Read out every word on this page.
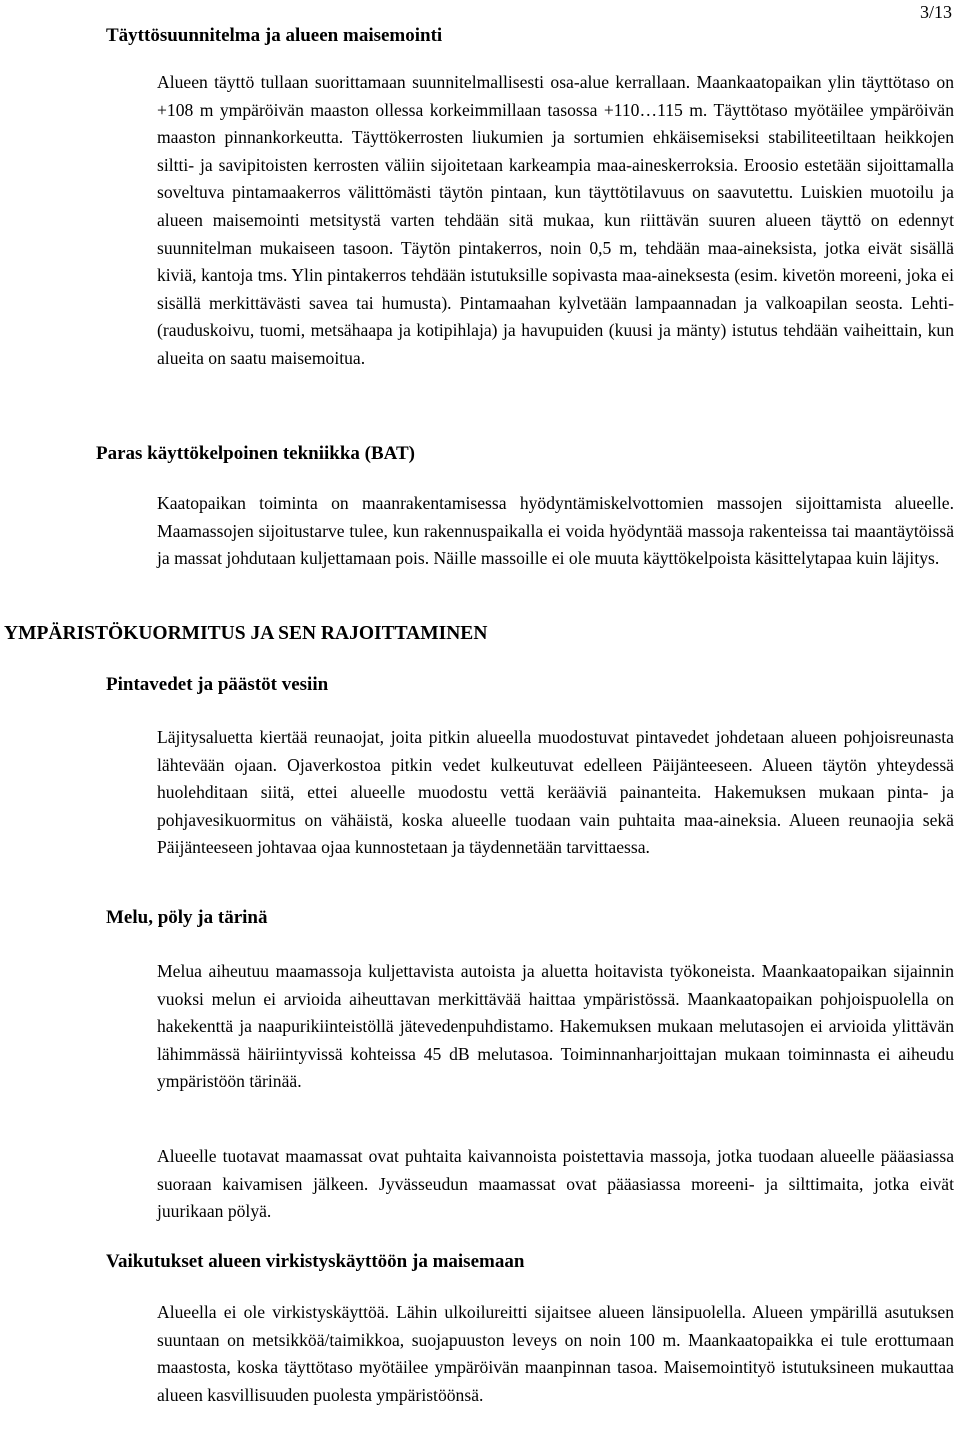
3/13
Täyttösuunnitelma ja alueen maisemointi
Alueen täyttö tullaan suorittamaan suunnitelmallisesti osa-alue kerrallaan. Maankaatopaikan ylin täyttötaso on +108 m ympäröivän maaston ollessa korkeimmillaan tasossa +110…115 m. Täyttötaso myötäilee ympäröivän maaston pinnankorkeutta. Täyttökerrosten liukumien ja sortumien ehkäisemiseksi stabiliteetiltaan heikkojen siltti- ja savipitoisten kerrosten väliin sijoitetaan karkeampia maa-aineskerroksia. Eroosio estetään sijoittamalla soveltuva pintamaakerros välittömästi täytön pintaan, kun täyttötilavuus on saavutettu. Luiskien muotoilu ja alueen maisemointi metsitystä varten tehdään sitä mukaa, kun riittävän suuren alueen täyttö on edennyt suunnitelman mukaiseen tasoon. Täytön pintakerros, noin 0,5 m, tehdään maa-aineksista, jotka eivät sisällä kiviä, kantoja tms. Ylin pintakerros tehdään istutuksille sopivasta maa-aineksesta (esim. kivetön moreeni, joka ei sisällä merkittävästi savea tai humusta). Pintamaahan kylvetään lampaannadan ja valkoapilan seosta. Lehti- (rauduskoivu, tuomi, metsähaapa ja kotipihlaja) ja havupuiden (kuusi ja mänty) istutus tehdään vaiheittain, kun alueita on saatu maisemoitua.
Paras käyttökelpoinen tekniikka (BAT)
Kaatopaikan toiminta on maanrakentamisessa hyödyntämiskelvottomien massojen sijoittamista alueelle. Maamassojen sijoitustarve tulee, kun rakennuspaikalla ei voida hyödyntää massoja rakenteissa tai maantäytöissä ja massat johdutaan kuljettamaan pois. Näille massoille ei ole muuta käyttökelpoista käsittelytapaa kuin läjitys.
YMPÄRISTÖKUORMITUS JA SEN RAJOITTAMINEN
Pintavedet ja päästöt vesiin
Läjitysaluetta kiertää reunaojat, joita pitkin alueella muodostuvat pintavedet johdetaan alueen pohjoisreunasta lähtevään ojaan. Ojaverkostoa pitkin vedet kulkeutuvat edelleen Päijänteeseen. Alueen täytön yhteydessä huolehditaan siitä, ettei alueelle muodostu vettä kerääviä painanteita. Hakemuksen mukaan pinta- ja pohjavesikuormitus on vähäistä, koska alueelle tuodaan vain puhtaita maa-aineksia. Alueen reunaojia sekä Päijänteeseen johtavaa ojaa kunnostetaan ja täydennetään tarvittaessa.
Melu, pöly ja tärinä
Melua aiheutuu maamassoja kuljettavista autoista ja aluetta hoitavista työkoneista. Maankaatopaikan sijainnin vuoksi melun ei arvioida aiheuttavan merkittävää haittaa ympäristössä. Maankaatopaikan pohjoispuolella on hakekenttä ja naapurikiinteistöllä jätevedenpuhdistamo. Hakemuksen mukaan melutasojen ei arvioida ylittävän lähimmässä häiriintyvissä kohteissa 45 dB melutasoa. Toiminnanharjoittajan mukaan toiminnasta ei aiheudu ympäristöön tärinää.
Alueelle tuotavat maamassat ovat puhtaita kaivannoista poistettavia massoja, jotka tuodaan alueelle pääasiassa suoraan kaivamisen jälkeen. Jyvässeudun maamassat ovat pääasiassa moreeni- ja silttimaita, jotka eivät juurikaan pölyä.
Vaikutukset alueen virkistyskäyttöön ja maisemaan
Alueella ei ole virkistyskäyttöä. Lähin ulkoilureitti sijaitsee alueen länsipuolella. Alueen ympärillä asutuksen suuntaan on metsikköä/taimikkoa, suojapuuston leveys on noin 100 m. Maankaatopaikka ei tule erottumaan maastosta, koska täyttötaso myötäilee ympäröivän maanpinnan tasoa. Maisemointityö istutuksineen mukauttaa alueen kasvillisuuden puolesta ympäristöönsä.
